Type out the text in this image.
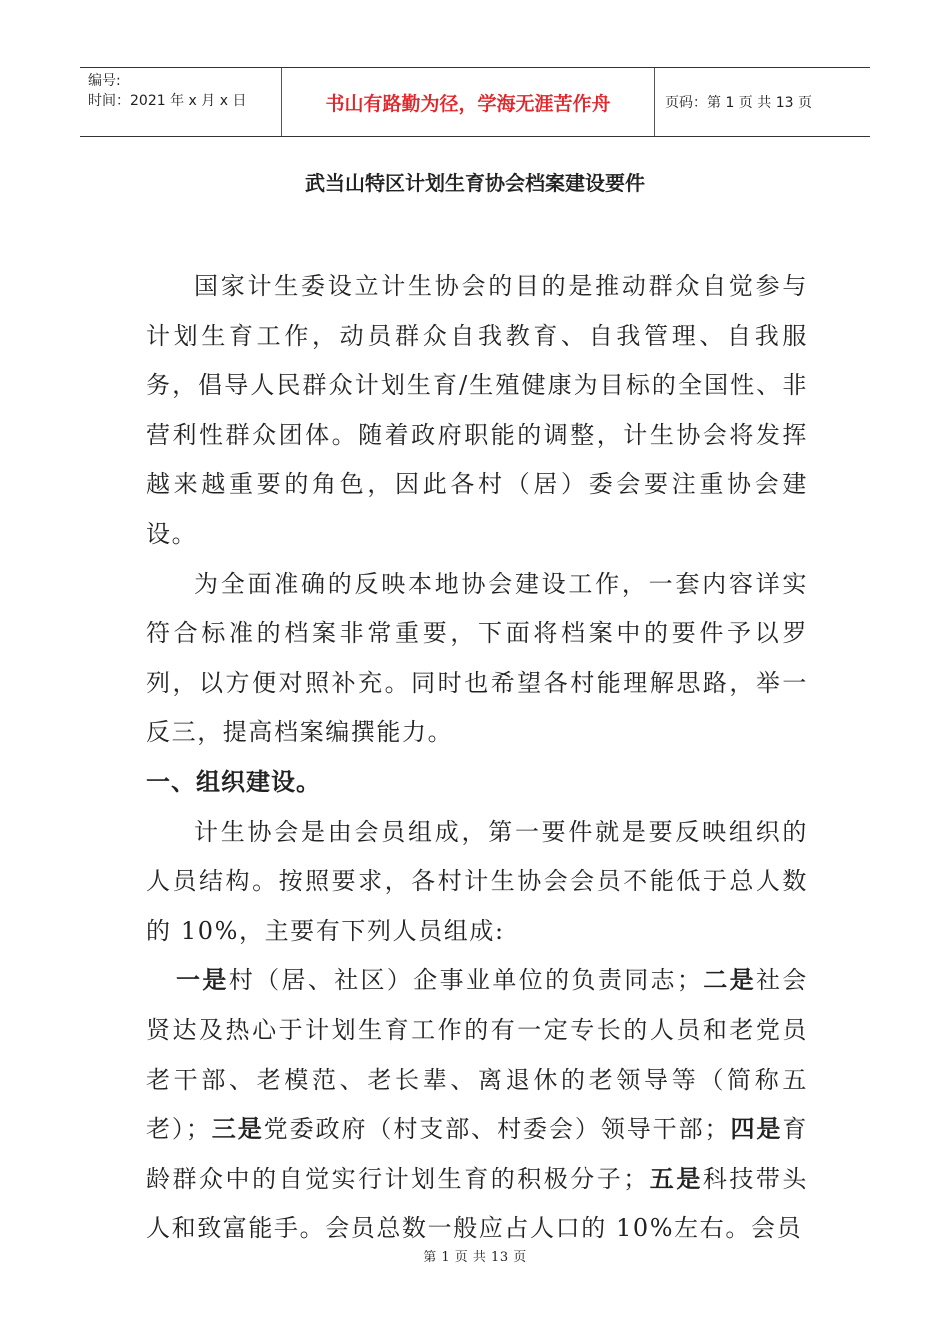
编号:
时间：2021 年 x 月 x 日	书山有路勤为径，学海无涯苦作舟	页码：第 1 页 共 13 页
武当山特区计划生育协会档案建设要件

国家计生委设立计生协会的目的是推动群众自觉参与计划生育工作，动员群众自我教育、自我管理、自我服务，倡导人民群众计划生育/生殖健康为目标的全国性、非营利性群众团体。随着政府职能的调整，计生协会将发挥越来越重要的角色，因此各村（居）委会要注重协会建设。

为全面准确的反映本地协会建设工作，一套内容详实符合标准的档案非常重要，下面将档案中的要件予以罗列，以方便对照补充。同时也希望各村能理解思路，举一反三，提高档案编撰能力。

一、组织建设。

计生协会是由会员组成，第一要件就是要反映组织的人员结构。按照要求，各村计生协会会员不能低于总人数的 10%，主要有下列人员组成:

一是村（居、社区）企事业单位的负责同志；二是社会贤达及热心于计划生育工作的有一定专长的人员和老党员老干部、老模范、老长辈、离退休的老领导等（简称五老）；三是党委政府（村支部、村委会）领导干部；四是育龄群众中的自觉实行计划生育的积极分子；五是科技带头人和致富能手。会员总数一般应占人口的 10%左右。会员

第 1 页 共 13 页
